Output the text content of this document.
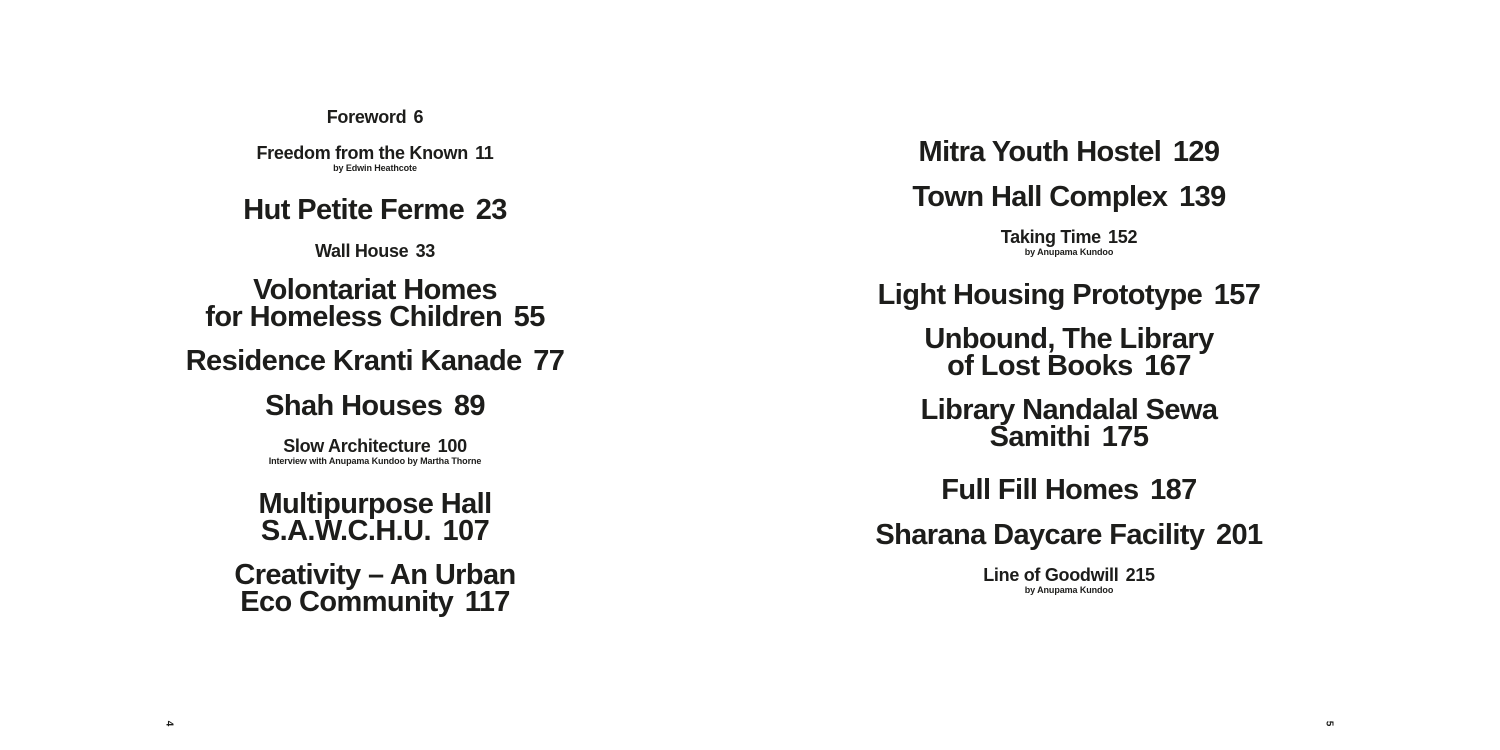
Foreword 6
Freedom from the Known 11
by Edwin Heathcote
Hut Petite Ferme 23
Wall House 33
Volontariat Homes
for Homeless Children 55
Residence Kranti Kanade 77
Shah Houses 89
Slow Architecture 100
Interview with Anupama Kundoo by Martha Thorne
Multipurpose Hall
S.A.W.C.H.U. 107
Creativity – An Urban
Eco Community 117
4
Mitra Youth Hostel 129
Town Hall Complex 139
Taking Time 152
by Anupama Kundoo
Light Housing Prototype 157
Unbound, The Library
of Lost Books 167
Library Nandalal Sewa
Samithi 175
Full Fill Homes 187
Sharana Daycare Facility 201
Line of Goodwill 215
by Anupama Kundoo
5
